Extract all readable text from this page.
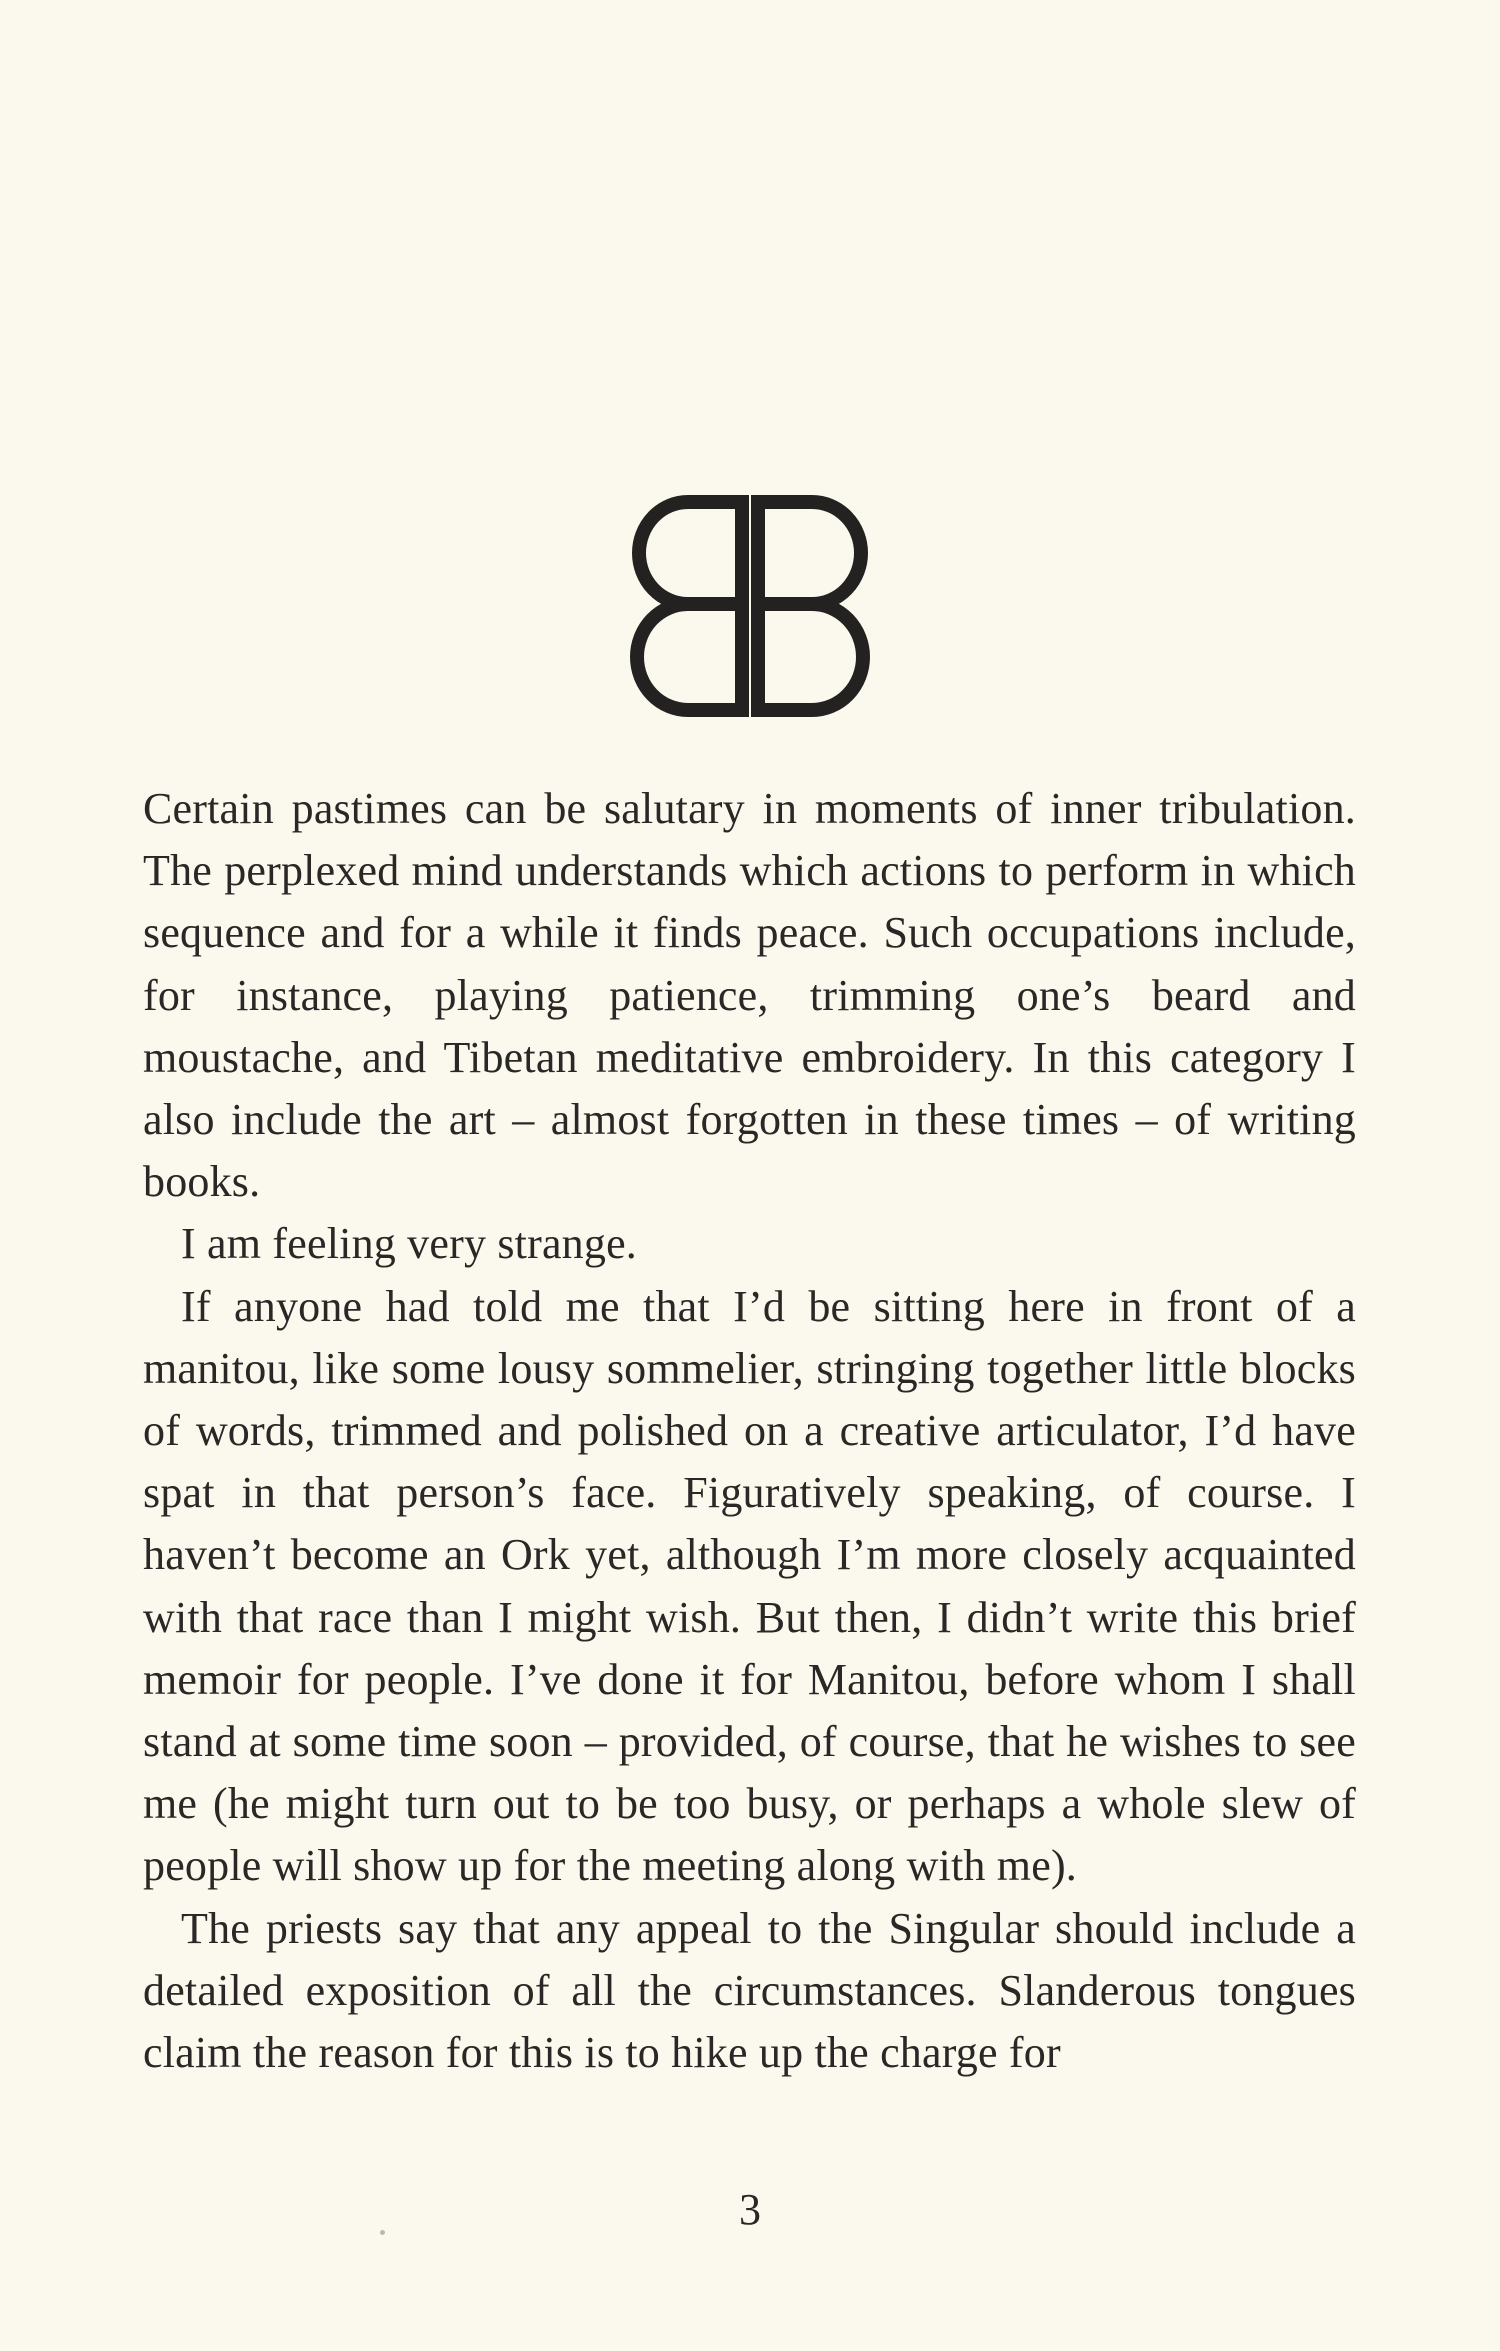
Certain pastimes can be salutary in moments of inner tribulation. The perplexed mind understands which actions to perform in which sequence and for a while it finds peace. Such occupations include, for instance, playing patience, trimming one’s beard and moustache, and Tibetan meditative embroidery. In this category I also include the art – almost forgotten in these times – of writing books.

I am feeling very strange.

If anyone had told me that I’d be sitting here in front of a manitou, like some lousy sommelier, stringing together little blocks of words, trimmed and polished on a creative articulator, I’d have spat in that person’s face. Figuratively speaking, of course. I haven’t become an Ork yet, although I’m more closely acquainted with that race than I might wish. But then, I didn’t write this brief memoir for people. I’ve done it for Manitou, before whom I shall stand at some time soon – provided, of course, that he wishes to see me (he might turn out to be too busy, or perhaps a whole slew of people will show up for the meeting along with me).

The priests say that any appeal to the Singular should include a detailed exposition of all the circumstances. Slanderous tongues claim the reason for this is to hike up the charge for

3
